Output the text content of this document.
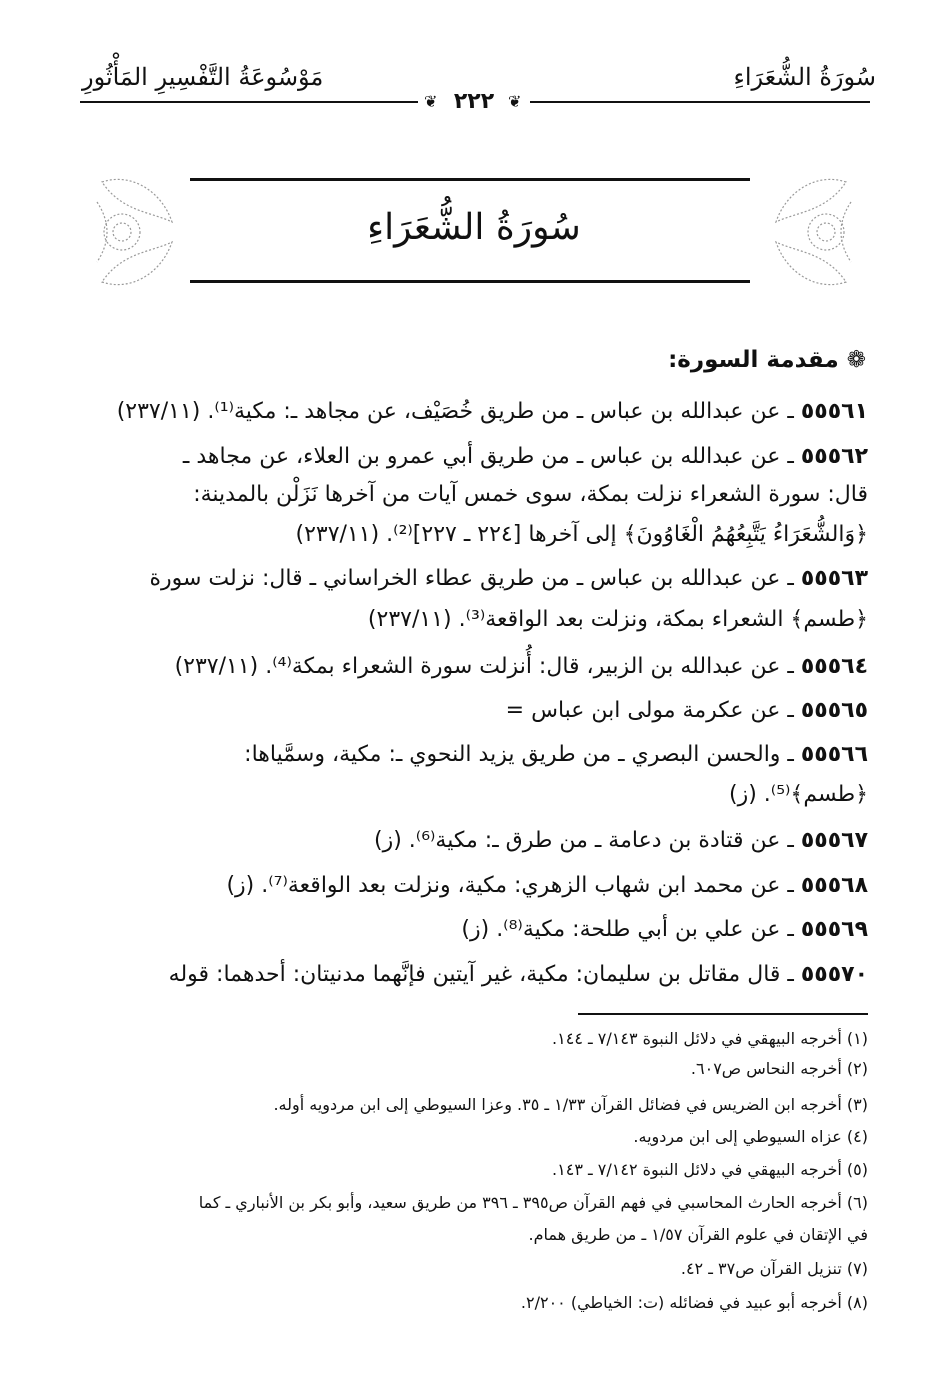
مَوْسُوعَةُ التَّفْسِيرِ المَأْثُورِ	سُورَةُ الشُّعَرَاءِ
❦ ٢٢٢ ❦
سُورَةُ الشُّعَرَاءِ
❁ مقدمة السورة:
٥٥٥٦١ ـ عن عبدالله بن عباس ـ من طريق خُصَيْف، عن مجاهد ـ: مكية⁽¹⁾. (٢٣٧/١١)
٥٥٥٦٢ ـ عن عبدالله بن عباس ـ من طريق أبي عمرو بن العلاء، عن مجاهد ـ
قال: سورة الشعراء نزلت بمكة، سوى خمس آيات من آخرها نَزَلْن بالمدينة:
﴿وَالشُّعَرَاءُ يَتَّبِعُهُمُ الْغَاوُونَ﴾ إلى آخرها [٢٢٤ ـ ٢٢٧]⁽²⁾. (٢٣٧/١١)
٥٥٥٦٣ ـ عن عبدالله بن عباس ـ من طريق عطاء الخراساني ـ قال: نزلت سورة
﴿طسم﴾ الشعراء بمكة، ونزلت بعد الواقعة⁽³⁾. (٢٣٧/١١)
٥٥٥٦٤ ـ عن عبدالله بن الزبير، قال: أُنزلت سورة الشعراء بمكة⁽⁴⁾. (٢٣٧/١١)
٥٥٥٦٥ ـ عن عكرمة مولى ابن عباس =
٥٥٥٦٦ ـ والحسن البصري ـ من طريق يزيد النحوي ـ: مكية، وسمَّياها:
﴿طسم﴾⁽⁵⁾. (ز)
٥٥٥٦٧ ـ عن قتادة بن دعامة ـ من طرق ـ: مكية⁽⁶⁾. (ز)
٥٥٥٦٨ ـ عن محمد ابن شهاب الزهري: مكية، ونزلت بعد الواقعة⁽⁷⁾. (ز)
٥٥٥٦٩ ـ عن علي بن أبي طلحة: مكية⁽⁸⁾. (ز)
٥٥٥٧٠ ـ قال مقاتل بن سليمان: مكية، غير آيتين فإنَّهما مدنيتان: أحدهما: قوله
(١) أخرجه البيهقي في دلائل النبوة ٧/١٤٣ ـ ١٤٤.
(٢) أخرجه النحاس ص٦٠٧.
(٣) أخرجه ابن الضريس في فضائل القرآن ١/٣٣ ـ ٣٥. وعزا السيوطي إلى ابن مردويه أوله.
(٤) عزاه السيوطي إلى ابن مردويه.
(٥) أخرجه البيهقي في دلائل النبوة ٧/١٤٢ ـ ١٤٣.
(٦) أخرجه الحارث المحاسبي في فهم القرآن ص٣٩٥ ـ ٣٩٦ من طريق سعيد، وأبو بكر بن الأنباري ـ كما
في الإتقان في علوم القرآن ١/٥٧ ـ من طريق همام.
(٧) تنزيل القرآن ص٣٧ ـ ٤٢.
(٨) أخرجه أبو عبيد في فضائله (ت: الخياطي) ٢/٢٠٠.
